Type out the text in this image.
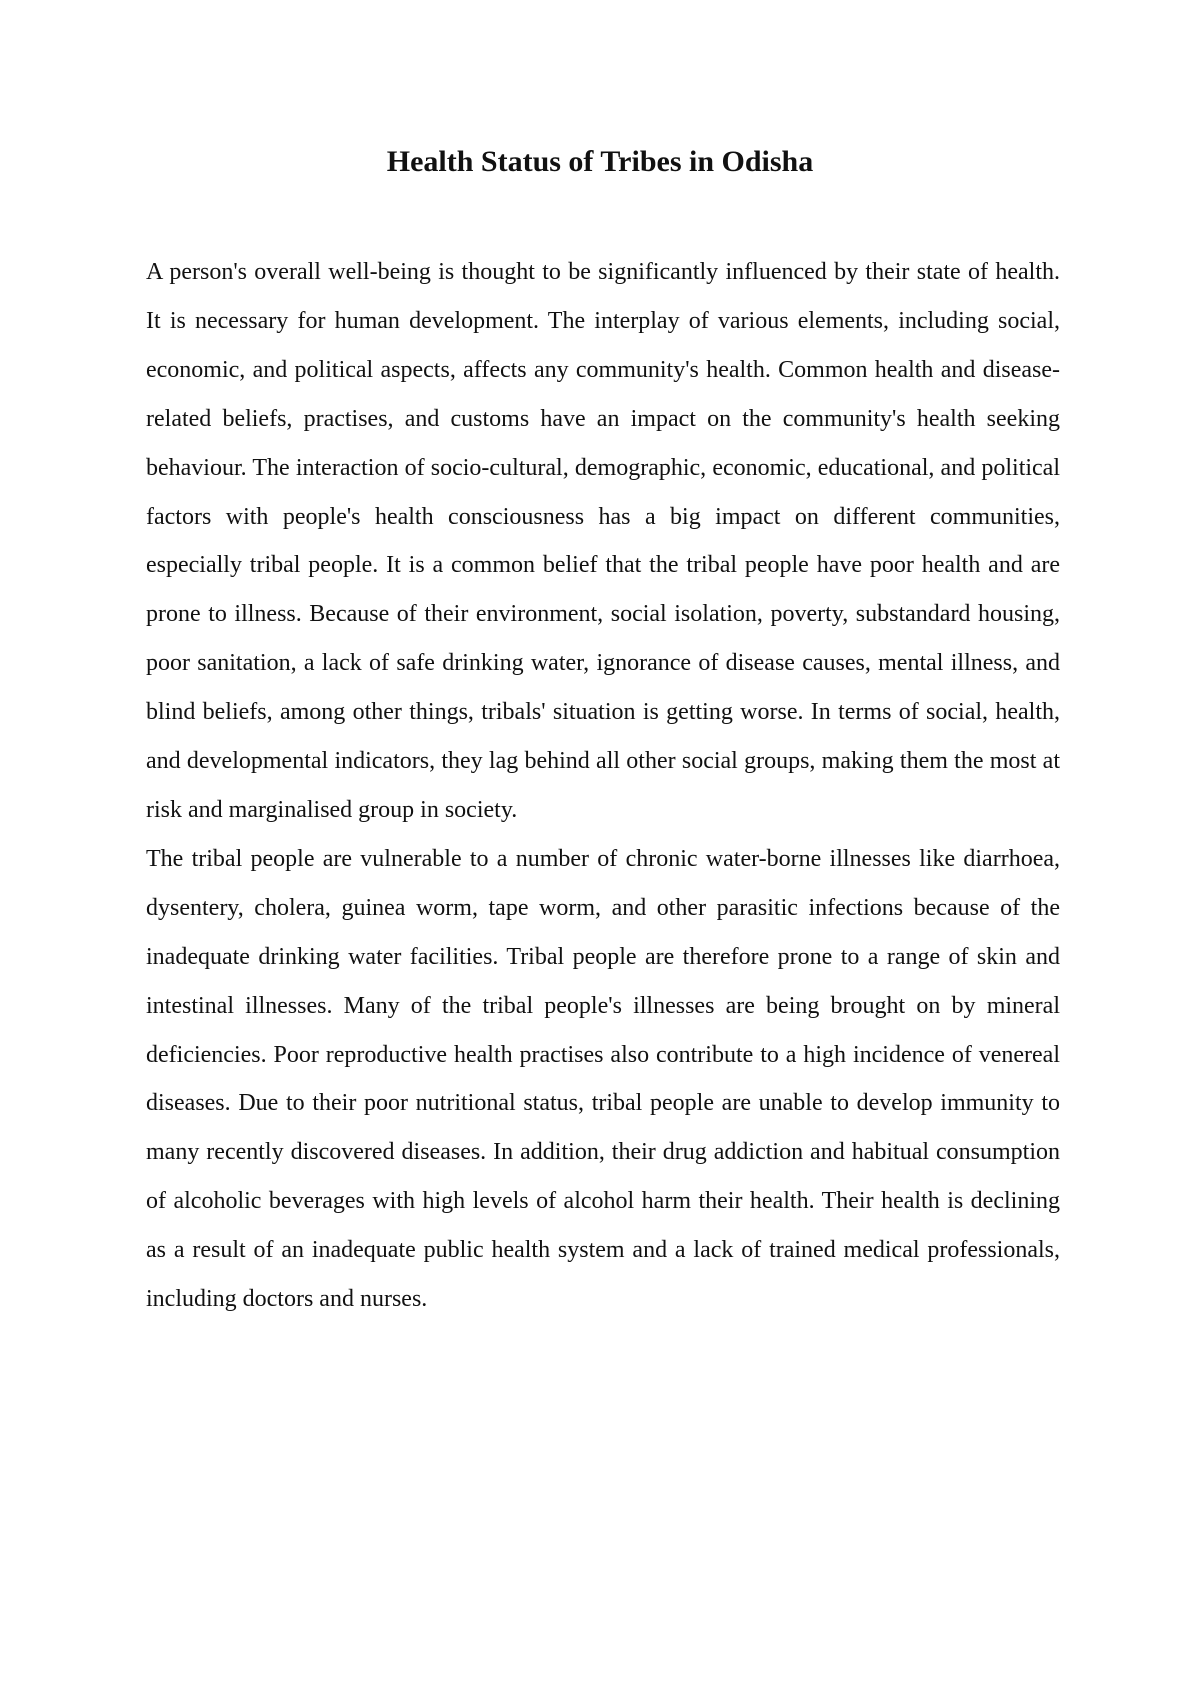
Health Status of Tribes in Odisha

A person's overall well-being is thought to be significantly influenced by their state of health. It is necessary for human development. The interplay of various elements, including social, economic, and political aspects, affects any community's health. Common health and disease-related beliefs, practises, and customs have an impact on the community's health seeking behaviour. The interaction of socio-cultural, demographic, economic, educational, and political factors with people's health consciousness has a big impact on different communities, especially tribal people. It is a common belief that the tribal people have poor health and are prone to illness. Because of their environment, social isolation, poverty, substandard housing, poor sanitation, a lack of safe drinking water, ignorance of disease causes, mental illness, and blind beliefs, among other things, tribals' situation is getting worse. In terms of social, health, and developmental indicators, they lag behind all other social groups, making them the most at risk and marginalised group in society.

The tribal people are vulnerable to a number of chronic water-borne illnesses like diarrhoea, dysentery, cholera, guinea worm, tape worm, and other parasitic infections because of the inadequate drinking water facilities. Tribal people are therefore prone to a range of skin and intestinal illnesses. Many of the tribal people's illnesses are being brought on by mineral deficiencies. Poor reproductive health practises also contribute to a high incidence of venereal diseases. Due to their poor nutritional status, tribal people are unable to develop immunity to many recently discovered diseases. In addition, their drug addiction and habitual consumption of alcoholic beverages with high levels of alcohol harm their health. Their health is declining as a result of an inadequate public health system and a lack of trained medical professionals, including doctors and nurses.
